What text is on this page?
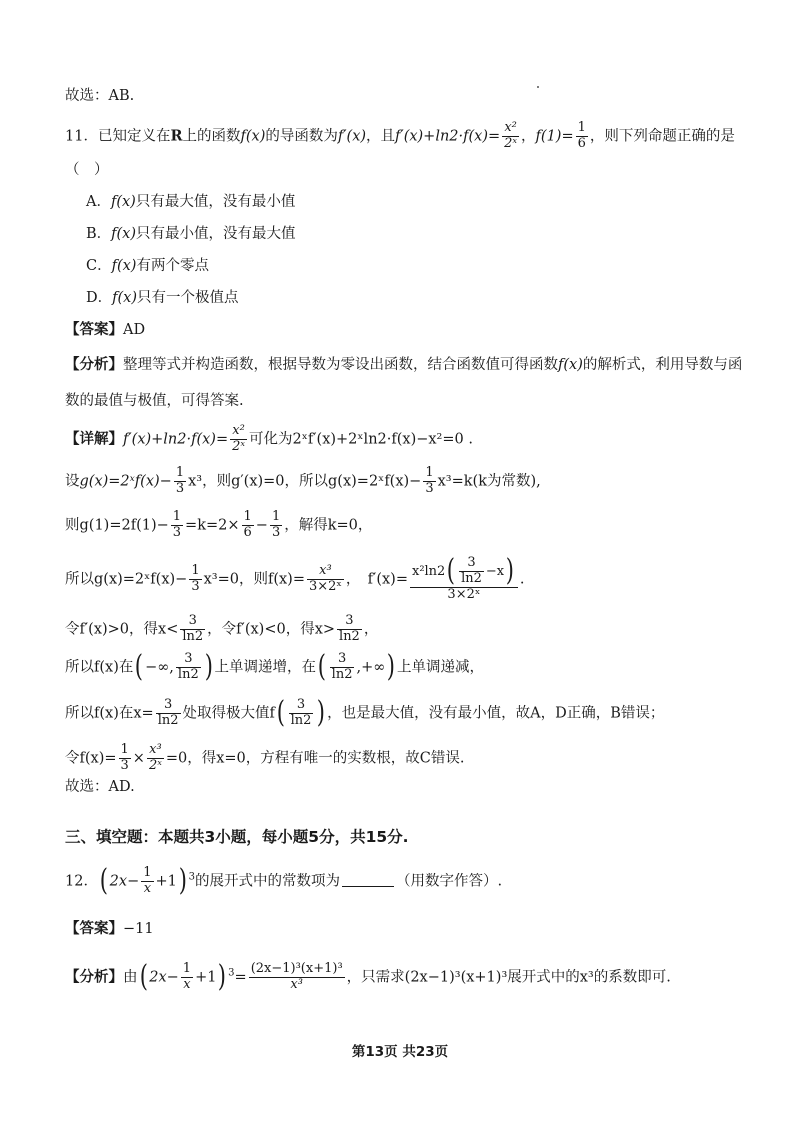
故选：AB.
11．已知定义在R上的函数f(x)的导函数为f′(x)，且$f'(x)+\ln 2\cdot f(x)= \frac{\text{x²}}{\text{2ˣ}}$ ，$f(1)= \frac{1}{6}$ ，则下列命题正确的是
（　）
A．f(x)只有最大值，没有最小值
B．f(x)只有最小值，没有最大值
C．f(x)有两个零点
D．f(x)只有一个极值点
【答案】AD
【分析】整理等式并构造函数，根据导数为零设出函数，结合函数值可得函数f(x)的解析式，利用导数与函
数的最值与极值，可得答案.
【详解】$f'(x)+\ln 2\cdot f(x)= \frac{\text{x²}}{\text{2ˣ}}$ 可化为2ˣf′(x)+2ˣln2·f(x)−x²=0 .
设g(x)=2ˣf(x)− $\frac{1}{3} x^3$，则g′(x)=0，所以g(x)=2ˣf(x)− $\frac{1}{3} x^3=k(k$为常数),
则$g(1)=2f(1)- \frac{1}{3} =k=2\times \frac{1}{6} - \frac{1}{3}$ ，解得k=0，
所以g(x)=2ˣf(x)− $\frac{1}{3} x^3=0$，则$f(x)= \frac{\text{x³}}{\text{3×2ˣ}}$ ，　$f'(x)= \frac{x^2\ln 2( \frac{3}{\ln 2} -x)}{\text{3×2ˣ}}$ .
令f′(x)>0，得$x< \frac{3}{\ln 2}$ ，令f′(x)<0，得$x> \frac{3}{\ln 2}$ ，
所以f(x)在( −∞, $\frac{3}{\ln 2}$ ) 上单调递增，在( $\frac{3}{\ln 2}$ ,+∞) 上单调递减，
所以f(x)在$x= \frac{3}{\ln 2}$ 处取得极大值$f( \frac{3}{\ln 2}$ ) ，也是最大值，没有最小值，故A，D正确，B错误；
令$f(x)= \frac{1}{3} \times \frac{\text{x³}}{\text{2ˣ}} =0$，得x=0，方程有唯一的实数根，故C错误.
故选：AD.
三、填空题：本题共3小题，每小题5分，共15分.
12．( $2x- \frac{1}{x} +1$) $^3$的展开式中的常数项为	（用数字作答）.
【答案】−11
【分析】由( $2x- \frac{1}{x} +1$) $^3= \frac{\text{(2x−1)³(x+1)³}}{\text{x³}}$ ，只需求(2x−1)³(x+1)³展开式中的x³的系数即可.
第13页 共23页
